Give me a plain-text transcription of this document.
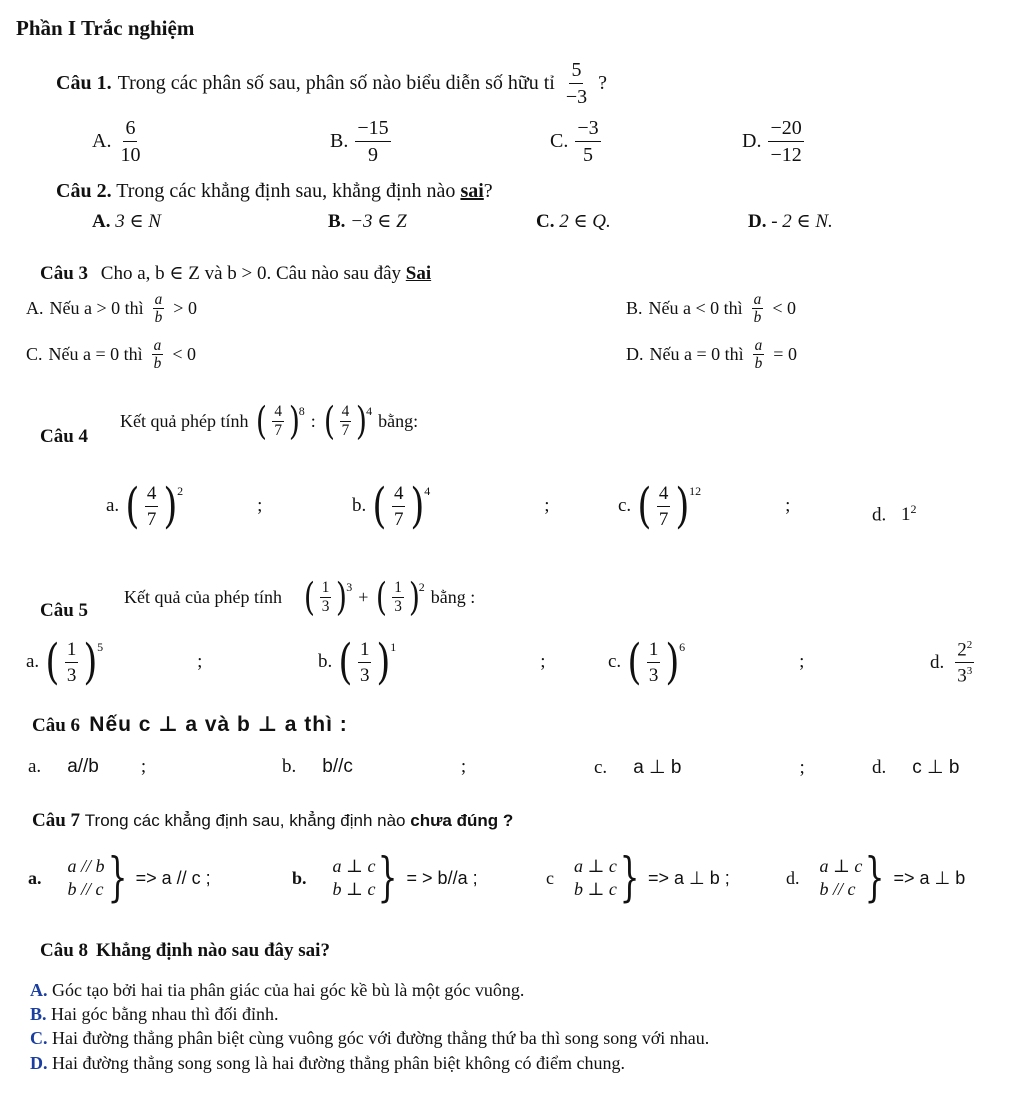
Phần I Trắc nghiệm
Câu 1. Trong các phân số sau, phân số nào biểu diễn số hữu tỉ $\frac{5}{-3}$ ?
A. $\frac{6}{10}$	B. $\frac{-15}{9}$	C. $\frac{-3}{5}$	D. $\frac{-20}{-12}$
Câu 2. Trong các khẳng định sau, khẳng định nào sai?
A. 3 ∈ N	B. −3 ∈ Z	C. 2 ∈ Q.	D. - 2 ∈ N.
Câu 3 Cho a, b ∈ Z và b > 0. Câu nào sau đây Sai
A. Nếu a > 0 thì $\frac{a}{b} > 0$	B. Nếu a < 0 thì $\frac{a}{b} < 0$
C. Nếu a = 0 thì $\frac{a}{b} < 0$	D. Nếu a = 0 thì $\frac{a}{b} = 0$
Kết quả phép tính ( $\frac{4}{7}$ )
8 : ( $\frac{4}{7}$ )
4 bằng:
Câu 4
a. ( $\frac{4}{7}$ ) 2
;	b. ( $\frac{4}{7}$ ) 4
;	c. ( $\frac{4}{7}$ ) 12
;	d. $1^2$
Kết quả của phép tính ( $\frac{1}{3}$ )
3 + ( $\frac{1}{3}$ )
2 bằng :
Câu 5
a. ( $\frac{1}{3}$ ) 5
;	b. ( $\frac{1}{3}$ ) 1
;	c. ( $\frac{1}{3}$ ) 6
;	d. $\frac{2^2}{3^3}$
Câu 6 Nếu c ⊥ a và b ⊥ a thì :
a. a//b ;	b. b//c	;	c. a ⊥ b	;	d. c ⊥ b
Câu 7 Trong các khẳng định sau, khẳng định nào chưa đúng ?
a.
a // b
b // c } => a // c ;	b.
a ⊥ c
b ⊥ c } = > b//a ;	c
a ⊥ c
b ⊥ c } => a ⊥ b ;	d.
a ⊥ c
b // c } => a ⊥ b
Câu 8 Khẳng định nào sau đây sai?
A. Góc tạo bởi hai tia phân giác của hai góc kề bù là một góc vuông.
B. Hai góc bằng nhau thì đối đỉnh.
C. Hai đường thẳng phân biệt cùng vuông góc với đường thẳng thứ ba thì song song với nhau.
D. Hai đường thẳng song song là hai đường thẳng phân biệt không có điểm chung.
